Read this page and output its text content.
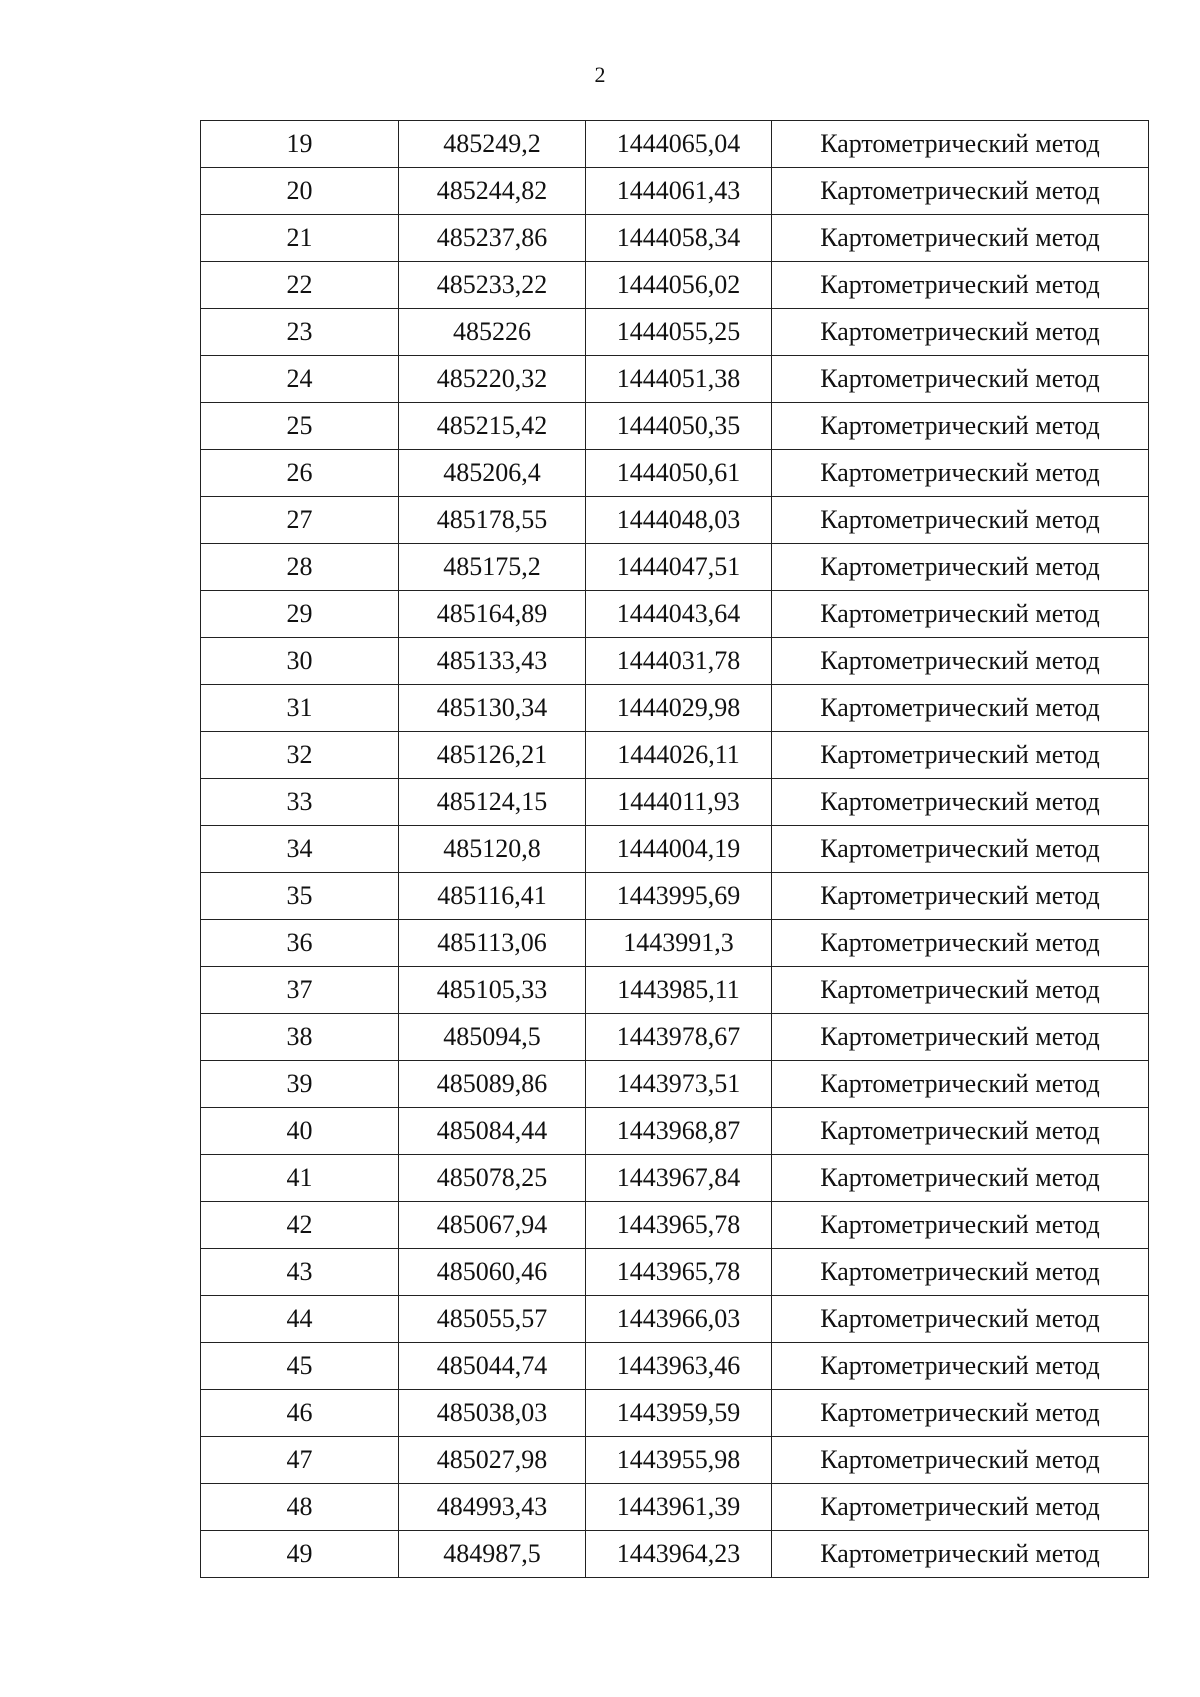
2
19	485249,2	1444065,04	Картометрический метод
20	485244,82	1444061,43	Картометрический метод
21	485237,86	1444058,34	Картометрический метод
22	485233,22	1444056,02	Картометрический метод
23	485226	1444055,25	Картометрический метод
24	485220,32	1444051,38	Картометрический метод
25	485215,42	1444050,35	Картометрический метод
26	485206,4	1444050,61	Картометрический метод
27	485178,55	1444048,03	Картометрический метод
28	485175,2	1444047,51	Картометрический метод
29	485164,89	1444043,64	Картометрический метод
30	485133,43	1444031,78	Картометрический метод
31	485130,34	1444029,98	Картометрический метод
32	485126,21	1444026,11	Картометрический метод
33	485124,15	1444011,93	Картометрический метод
34	485120,8	1444004,19	Картометрический метод
35	485116,41	1443995,69	Картометрический метод
36	485113,06	1443991,3	Картометрический метод
37	485105,33	1443985,11	Картометрический метод
38	485094,5	1443978,67	Картометрический метод
39	485089,86	1443973,51	Картометрический метод
40	485084,44	1443968,87	Картометрический метод
41	485078,25	1443967,84	Картометрический метод
42	485067,94	1443965,78	Картометрический метод
43	485060,46	1443965,78	Картометрический метод
44	485055,57	1443966,03	Картометрический метод
45	485044,74	1443963,46	Картометрический метод
46	485038,03	1443959,59	Картометрический метод
47	485027,98	1443955,98	Картометрический метод
48	484993,43	1443961,39	Картометрический метод
49	484987,5	1443964,23	Картометрический метод
